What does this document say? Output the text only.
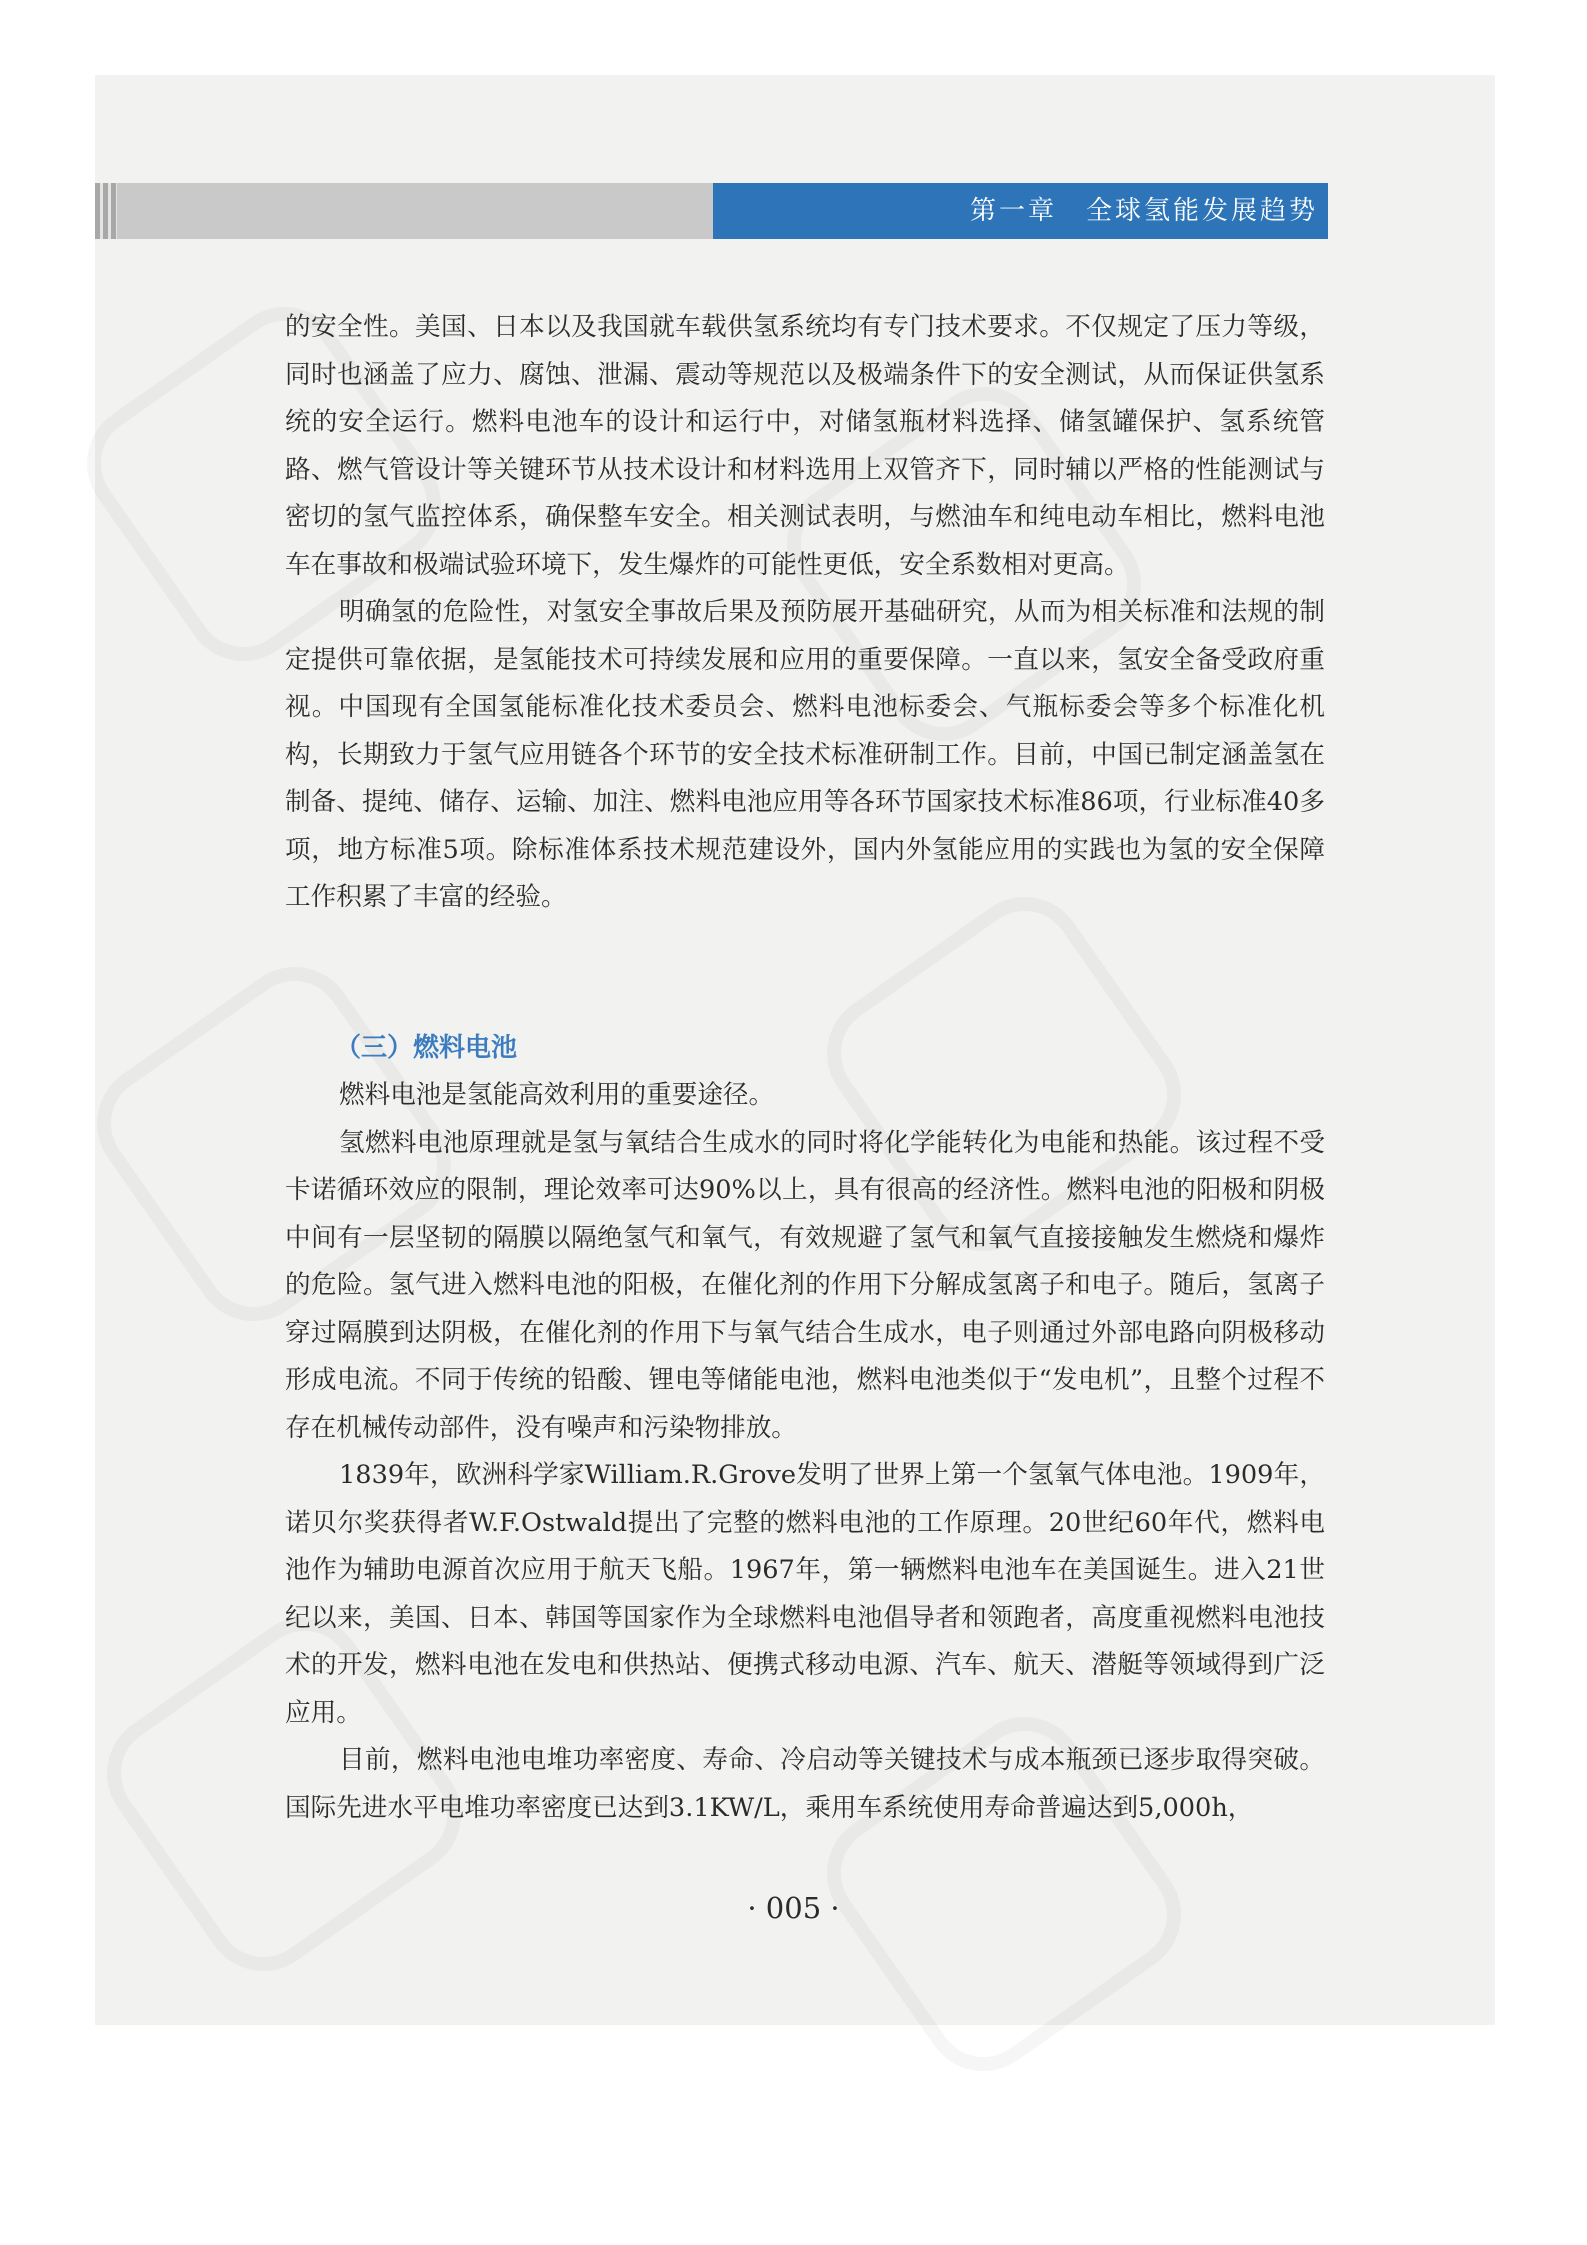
第一章　全球氢能发展趋势

的安全性。美国、日本以及我国就车载供氢系统均有专门技术要求。不仅规定了压力等级，同时也涵盖了应力、腐蚀、泄漏、震动等规范以及极端条件下的安全测试，从而保证供氢系统的安全运行。燃料电池车的设计和运行中，对储氢瓶材料选择、储氢罐保护、氢系统管路、燃气管设计等关键环节从技术设计和材料选用上双管齐下，同时辅以严格的性能测试与密切的氢气监控体系，确保整车安全。相关测试表明，与燃油车和纯电动车相比，燃料电池车在事故和极端试验环境下，发生爆炸的可能性更低，安全系数相对更高。

明确氢的危险性，对氢安全事故后果及预防展开基础研究，从而为相关标准和法规的制定提供可靠依据，是氢能技术可持续发展和应用的重要保障。一直以来，氢安全备受政府重视。中国现有全国氢能标准化技术委员会、燃料电池标委会、气瓶标委会等多个标准化机构，长期致力于氢气应用链各个环节的安全技术标准研制工作。目前，中国已制定涵盖氢在制备、提纯、储存、运输、加注、燃料电池应用等各环节国家技术标准86项，行业标准40多项，地方标准5项。除标准体系技术规范建设外，国内外氢能应用的实践也为氢的安全保障工作积累了丰富的经验。

（三）燃料电池

燃料电池是氢能高效利用的重要途径。

氢燃料电池原理就是氢与氧结合生成水的同时将化学能转化为电能和热能。该过程不受卡诺循环效应的限制，理论效率可达90%以上，具有很高的经济性。燃料电池的阳极和阴极中间有一层坚韧的隔膜以隔绝氢气和氧气，有效规避了氢气和氧气直接接触发生燃烧和爆炸的危险。氢气进入燃料电池的阳极，在催化剂的作用下分解成氢离子和电子。随后，氢离子穿过隔膜到达阴极，在催化剂的作用下与氧气结合生成水，电子则通过外部电路向阴极移动形成电流。不同于传统的铅酸、锂电等储能电池，燃料电池类似于“发电机”，且整个过程不存在机械传动部件，没有噪声和污染物排放。

1839年，欧洲科学家William.R.Grove发明了世界上第一个氢氧气体电池。1909年，诺贝尔奖获得者W.F.Ostwald提出了完整的燃料电池的工作原理。20世纪60年代，燃料电池作为辅助电源首次应用于航天飞船。1967年，第一辆燃料电池车在美国诞生。进入21世纪以来，美国、日本、韩国等国家作为全球燃料电池倡导者和领跑者，高度重视燃料电池技术的开发，燃料电池在发电和供热站、便携式移动电源、汽车、航天、潜艇等领域得到广泛应用。

目前，燃料电池电堆功率密度、寿命、冷启动等关键技术与成本瓶颈已逐步取得突破。国际先进水平电堆功率密度已达到3.1KW/L，乘用车系统使用寿命普遍达到5,000h，

· 005 ·
